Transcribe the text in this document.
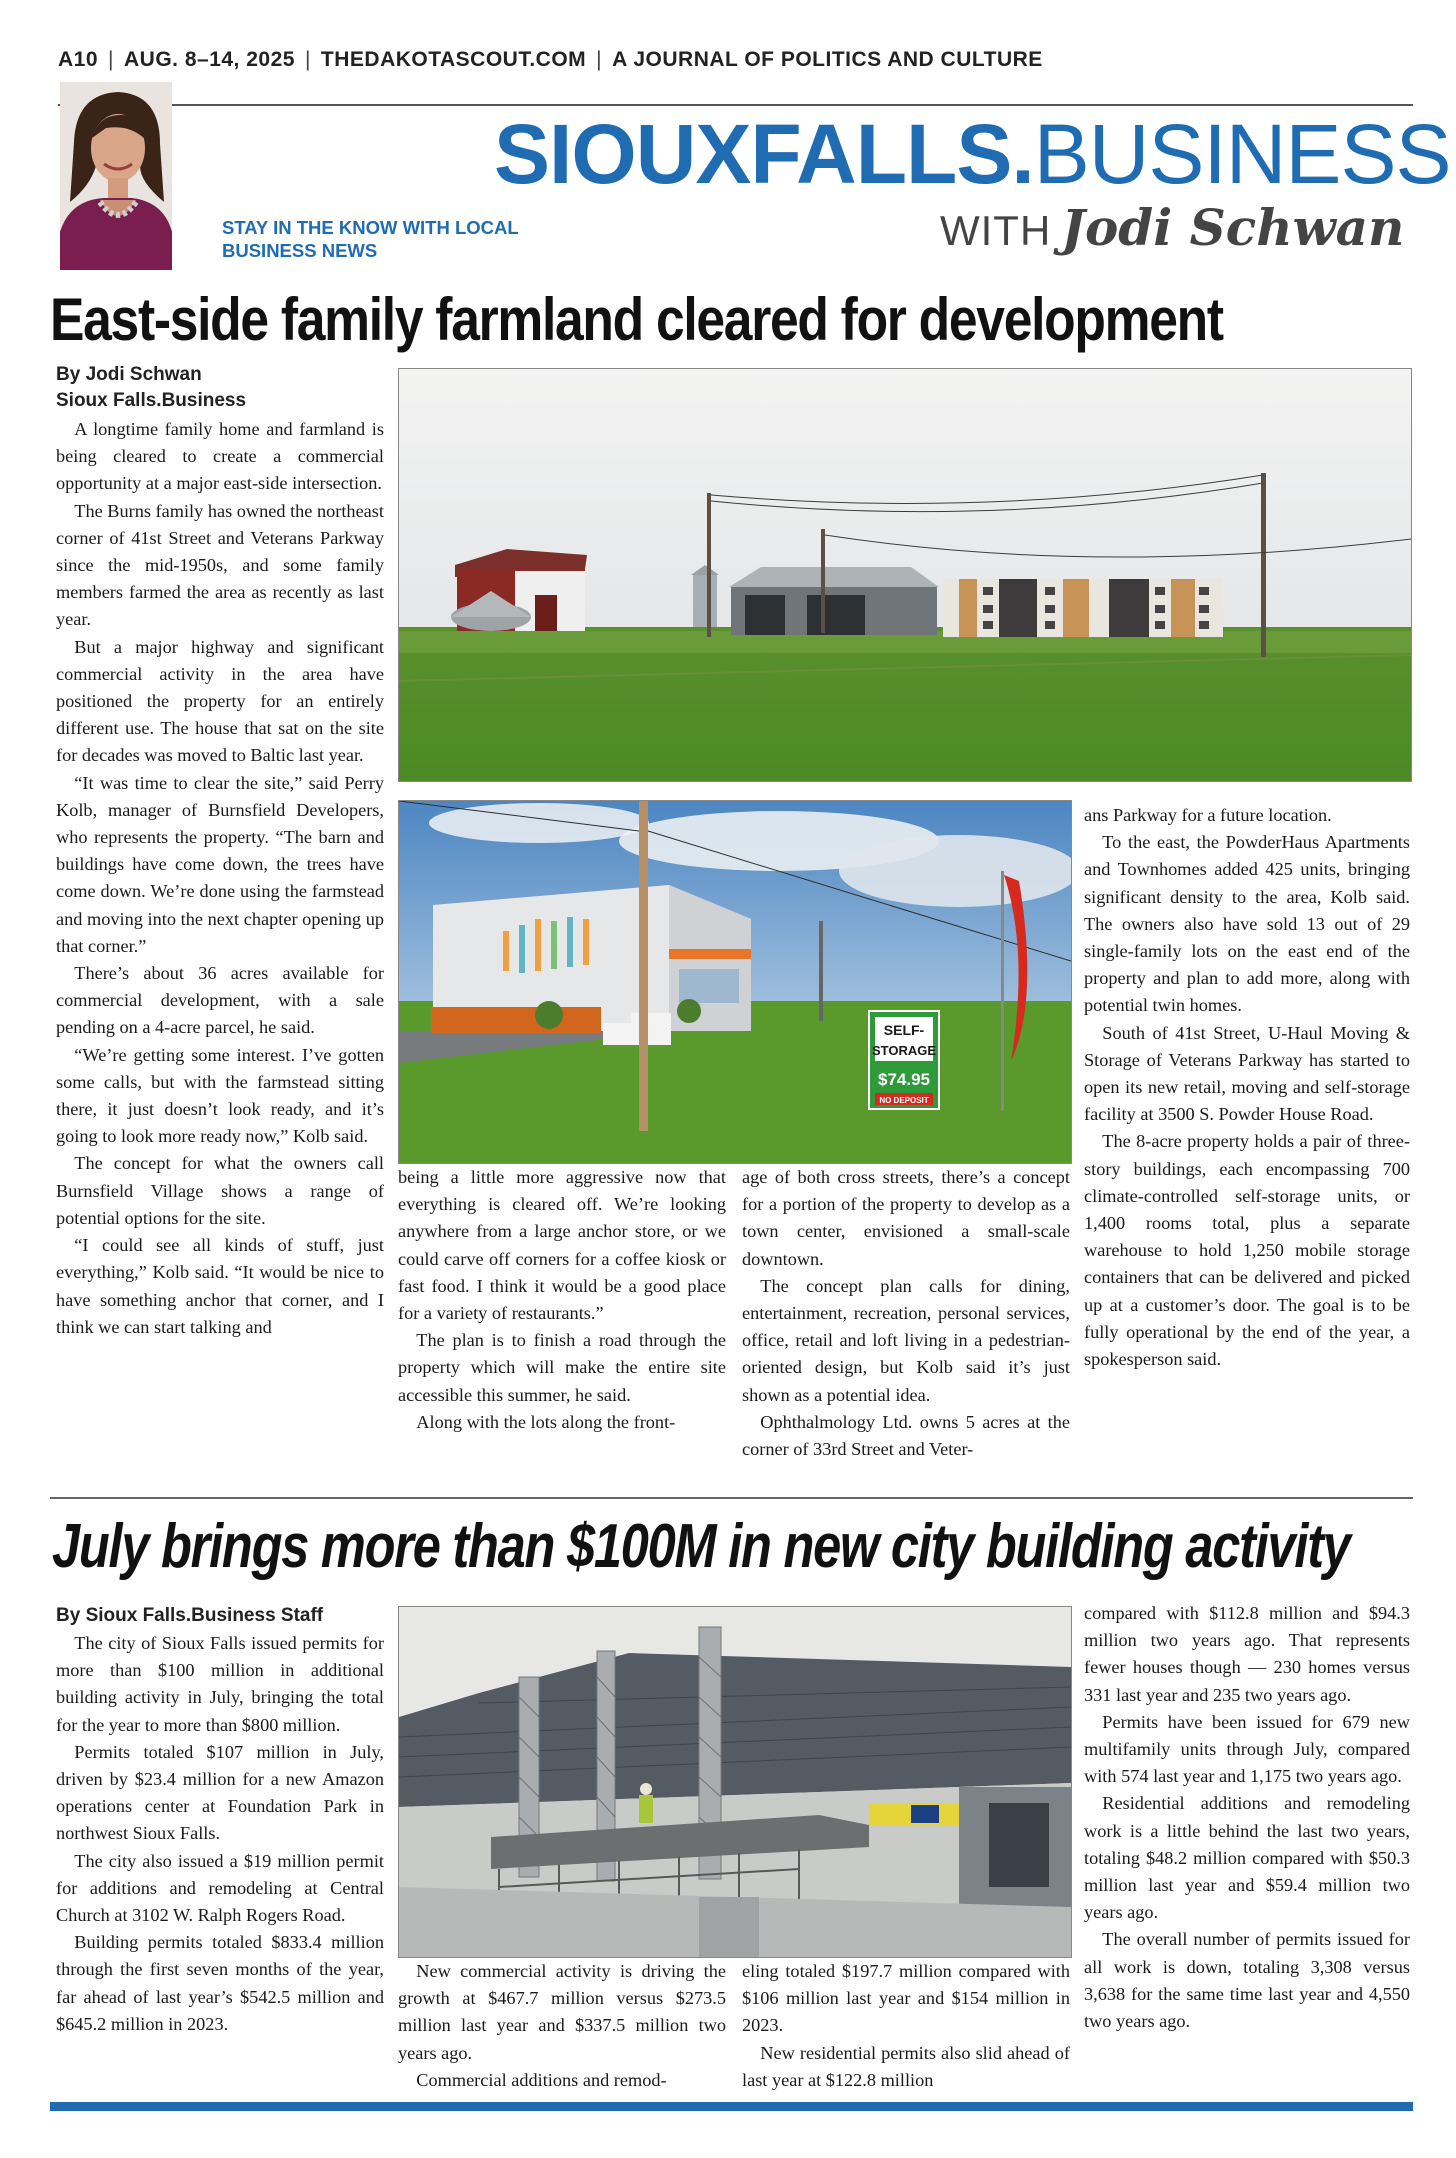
A10 | AUG. 8–14, 2025 | THEDAKOTASCOUT.COM | A JOURNAL OF POLITICS AND CULTURE
SIOUXFALLS.BUSINESS
WITH Jodi Schwan
STAY IN THE KNOW WITH LOCAL BUSINESS NEWS
East-side family farmland cleared for development
By Jodi Schwan
Sioux Falls.Business

A longtime family home and farmland is being cleared to create a commercial opportunity at a major east-side intersection.

The Burns family has owned the northeast corner of 41st Street and Veterans Parkway since the mid-1950s, and some family members farmed the area as recently as last year.

But a major highway and significant commercial activity in the area have positioned the property for an entirely different use. The house that sat on the site for decades was moved to Baltic last year.

“It was time to clear the site,” said Perry Kolb, manager of Burnsfield Developers, who represents the property. “The barn and buildings have come down, the trees have come down. We’re done using the farmstead and moving into the next chapter opening up that corner.”

There’s about 36 acres available for commercial development, with a sale pending on a 4-acre parcel, he said.

“We’re getting some interest. I’ve gotten some calls, but with the farmstead sitting there, it just doesn’t look ready, and it’s going to look more ready now,” Kolb said.

The concept for what the owners call Burnsfield Village shows a range of potential options for the site.

“I could see all kinds of stuff, just everything,” Kolb said. “It would be nice to have something anchor that corner, and I think we can start talking and

SELF-
STORAGE
$74.95
NO DEPOSIT

being a little more aggressive now that everything is cleared off. We’re looking anywhere from a large anchor store, or we could carve off corners for a coffee kiosk or fast food. I think it would be a good place for a variety of restaurants.”

The plan is to finish a road through the property which will make the entire site accessible this summer, he said.

Along with the lots along the front-

age of both cross streets, there’s a concept for a portion of the property to develop as a town center, envisioned a small-scale downtown.

The concept plan calls for dining, entertainment, recreation, personal services, office, retail and loft living in a pedestrian-oriented design, but Kolb said it’s just shown as a potential idea.

Ophthalmology Ltd. owns 5 acres at the corner of 33rd Street and Veter-

ans Parkway for a future location.

To the east, the PowderHaus Apartments and Townhomes added 425 units, bringing significant density to the area, Kolb said. The owners also have sold 13 out of 29 single-family lots on the east end of the property and plan to add more, along with potential twin homes.

South of 41st Street, U-Haul Moving & Storage of Veterans Parkway has started to open its new retail, moving and self-storage facility at 3500 S. Powder House Road.

The 8-acre property holds a pair of three-story buildings, each encompassing 700 climate-controlled self-storage units, or 1,400 rooms total, plus a separate warehouse to hold 1,250 mobile storage containers that can be delivered and picked up at a customer’s door. The goal is to be fully operational by the end of the year, a spokesperson said.

July brings more than $100M in new city building activity
By Sioux Falls.Business Staff

The city of Sioux Falls issued permits for more than $100 million in additional building activity in July, bringing the total for the year to more than $800 million.

Permits totaled $107 million in July, driven by $23.4 million for a new Amazon operations center at Foundation Park in northwest Sioux Falls.

The city also issued a $19 million permit for additions and remodeling at Central Church at 3102 W. Ralph Rogers Road.

Building permits totaled $833.4 million through the first seven months of the year, far ahead of last year’s $542.5 million and $645.2 million in 2023.

New commercial activity is driving the growth at $467.7 million versus $273.5 million last year and $337.5 million two years ago.

Commercial additions and remod-

eling totaled $197.7 million compared with $106 million last year and $154 million in 2023.

New residential permits also slid ahead of last year at $122.8 million

compared with $112.8 million and $94.3 million two years ago. That represents fewer houses though — 230 homes versus 331 last year and 235 two years ago.

Permits have been issued for 679 new multifamily units through July, compared with 574 last year and 1,175 two years ago.

Residential additions and remodeling work is a little behind the last two years, totaling $48.2 million compared with $50.3 million last year and $59.4 million two years ago.

The overall number of permits issued for all work is down, totaling 3,308 versus 3,638 for the same time last year and 4,550 two years ago.
